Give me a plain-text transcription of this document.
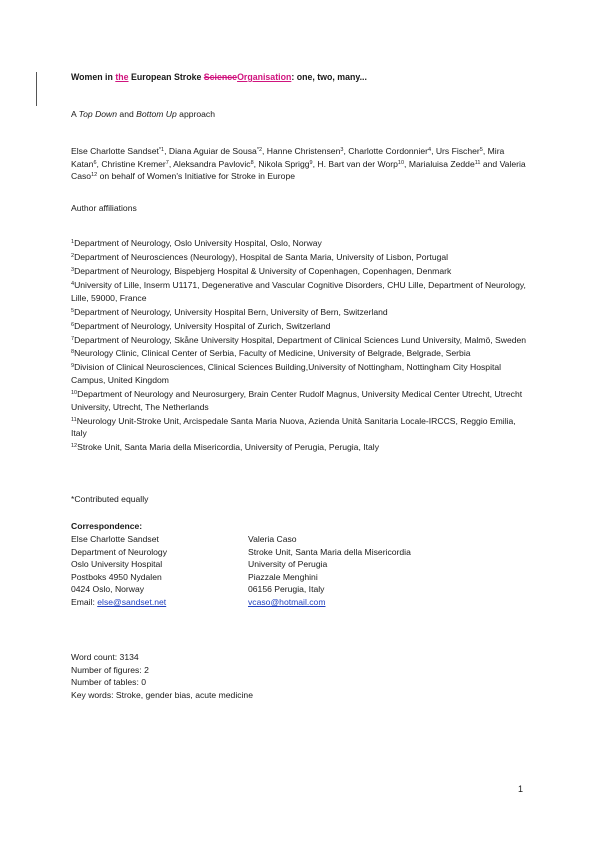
Women in the European Stroke ScienceOrganisation: one, two, many...
A Top Down and Bottom Up approach

Else Charlotte Sandset$^{*1}$, Diana Aguiar de Sousa$^{*2}$, Hanne Christensen$^3$, Charlotte Cordonnier$^4$, Urs Fischer$^5$, Mira Katan$^6$, Christine Kremer$^7$, Aleksandra Pavlovic$^8$, Nikola Sprigg$^9$, H. Bart van der Worp$^{10}$, Marialuisa Zedde$^{11}$ and Valeria Caso$^{12}$ on behalf of Women's Initiative for Stroke in Europe

Author affiliations

$^1$Department of Neurology, Oslo University Hospital, Oslo, Norway

$^2$Department of Neurosciences (Neurology), Hospital de Santa Maria, University of Lisbon, Portugal

$^3$Department of Neurology, Bispebjerg Hospital & University of Copenhagen, Copenhagen, Denmark

$^4$University of Lille, Inserm U1171, Degenerative and Vascular Cognitive Disorders, CHU Lille, Department of Neurology, Lille, 59000, France

$^5$Department of Neurology, University Hospital Bern, University of Bern, Switzerland

$^6$Department of Neurology, University Hospital of Zurich, Switzerland

$^7$Department of Neurology, Skåne University Hospital, Department of Clinical Sciences Lund University, Malmö, Sweden

$^8$Neurology Clinic, Clinical Center of Serbia, Faculty of Medicine, University of Belgrade, Belgrade, Serbia

$^9$Division of Clinical Neurosciences, Clinical Sciences Building,University of Nottingham, Nottingham City Hospital Campus, United Kingdom

$^{10}$Department of Neurology and Neurosurgery, Brain Center Rudolf Magnus, University Medical Center Utrecht, Utrecht University, Utrecht, The Netherlands

$^{11}$Neurology Unit-Stroke Unit, Arcispedale Santa Maria Nuova, Azienda Unità Sanitaria Locale-IRCCS, Reggio Emilia, Italy

$^{12}$Stroke Unit, Santa Maria della Misericordia, University of Perugia, Perugia, Italy

*Contributed equally
Correspondence:
Else Charlotte Sandset
Department of Neurology
Oslo University Hospital
Postboks 4950 Nydalen
0424 Oslo, Norway
Email: else@sandset.net
Valeria Caso
Stroke Unit, Santa Maria della Misericordia
University of Perugia
Piazzale Menghini
06156 Perugia, Italy
vcaso@hotmail.com
Word count: 3134
Number of figures: 2
Number of tables: 0
Key words: Stroke, gender bias, acute medicine
1
